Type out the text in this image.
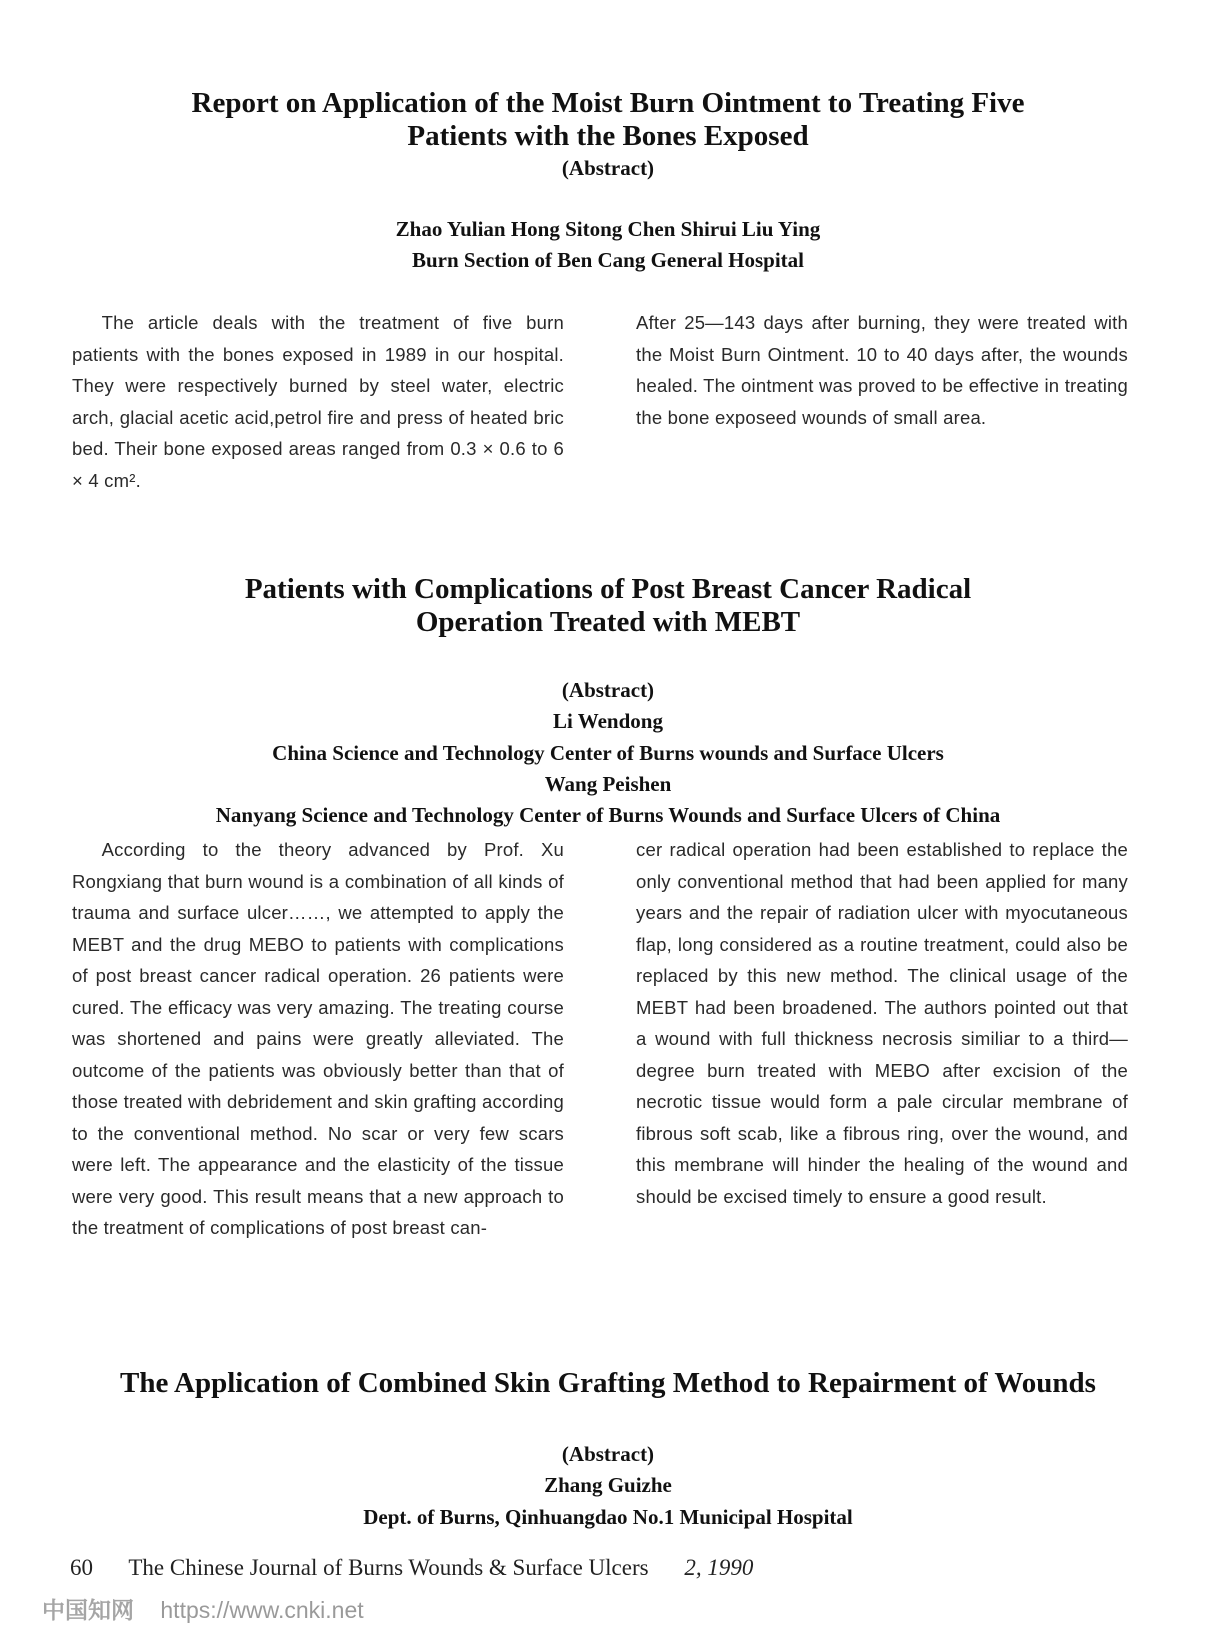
Report on Application of the Moist Burn Ointment to Treating Five
Patients with the Bones Exposed
(Abstract)
Zhao Yulian Hong Sitong Chen Shirui Liu Ying
Burn Section of Ben Cang General Hospital

The article deals with the treatment of five burn patients with the bones exposed in 1989 in our hospital. They were respectively burned by steel water, electric arch, glacial acetic acid,petrol fire and press of heated bric bed. Their bone exposed areas ranged from 0.3 × 0.6 to 6 × 4 cm².

After 25—143 days after burning, they were treated with the Moist Burn Ointment. 10 to 40 days after, the wounds healed. The ointment was proved to be effective in treating the bone exposeed wounds of small area.

Patients with Complications of Post Breast Cancer Radical
Operation Treated with MEBT
(Abstract)
Li Wendong
China Science and Technology Center of Burns wounds and Surface Ulcers
Wang Peishen
Nanyang Science and Technology Center of Burns Wounds and Surface Ulcers of China

According to the theory advanced by Prof. Xu Rongxiang that burn wound is a combination of all kinds of trauma and surface ulcer……, we attempted to apply the MEBT and the drug MEBO to patients with complications of post breast cancer radical operation. 26 patients were cured. The efficacy was very amazing. The treating course was shortened and pains were greatly alleviated. The outcome of the patients was obviously better than that of those treated with debridement and skin grafting according to the conventional method. No scar or very few scars were left. The appearance and the elasticity of the tissue were very good. This result means that a new approach to the treatment of complications of post breast can-

cer radical operation had been established to replace the only conventional method that had been applied for many years and the repair of radiation ulcer with myocutaneous flap, long considered as a routine treatment, could also be replaced by this new method. The clinical usage of the MEBT had been broadened. The authors pointed out that a wound with full thickness necrosis similiar to a third—degree burn treated with MEBO after excision of the necrotic tissue would form a pale circular membrane of fibrous soft scab, like a fibrous ring, over the wound, and this membrane will hinder the healing of the wound and should be excised timely to ensure a good result.

The Application of Combined Skin Grafting Method to Repairment of Wounds
(Abstract)
Zhang Guizhe
Dept. of Burns, Qinhuangdao No.1 Municipal Hospital
60 The Chinese Journal of Burns Wounds & Surface Ulcers 2, 1990
中国知网 https://www.cnki.net
